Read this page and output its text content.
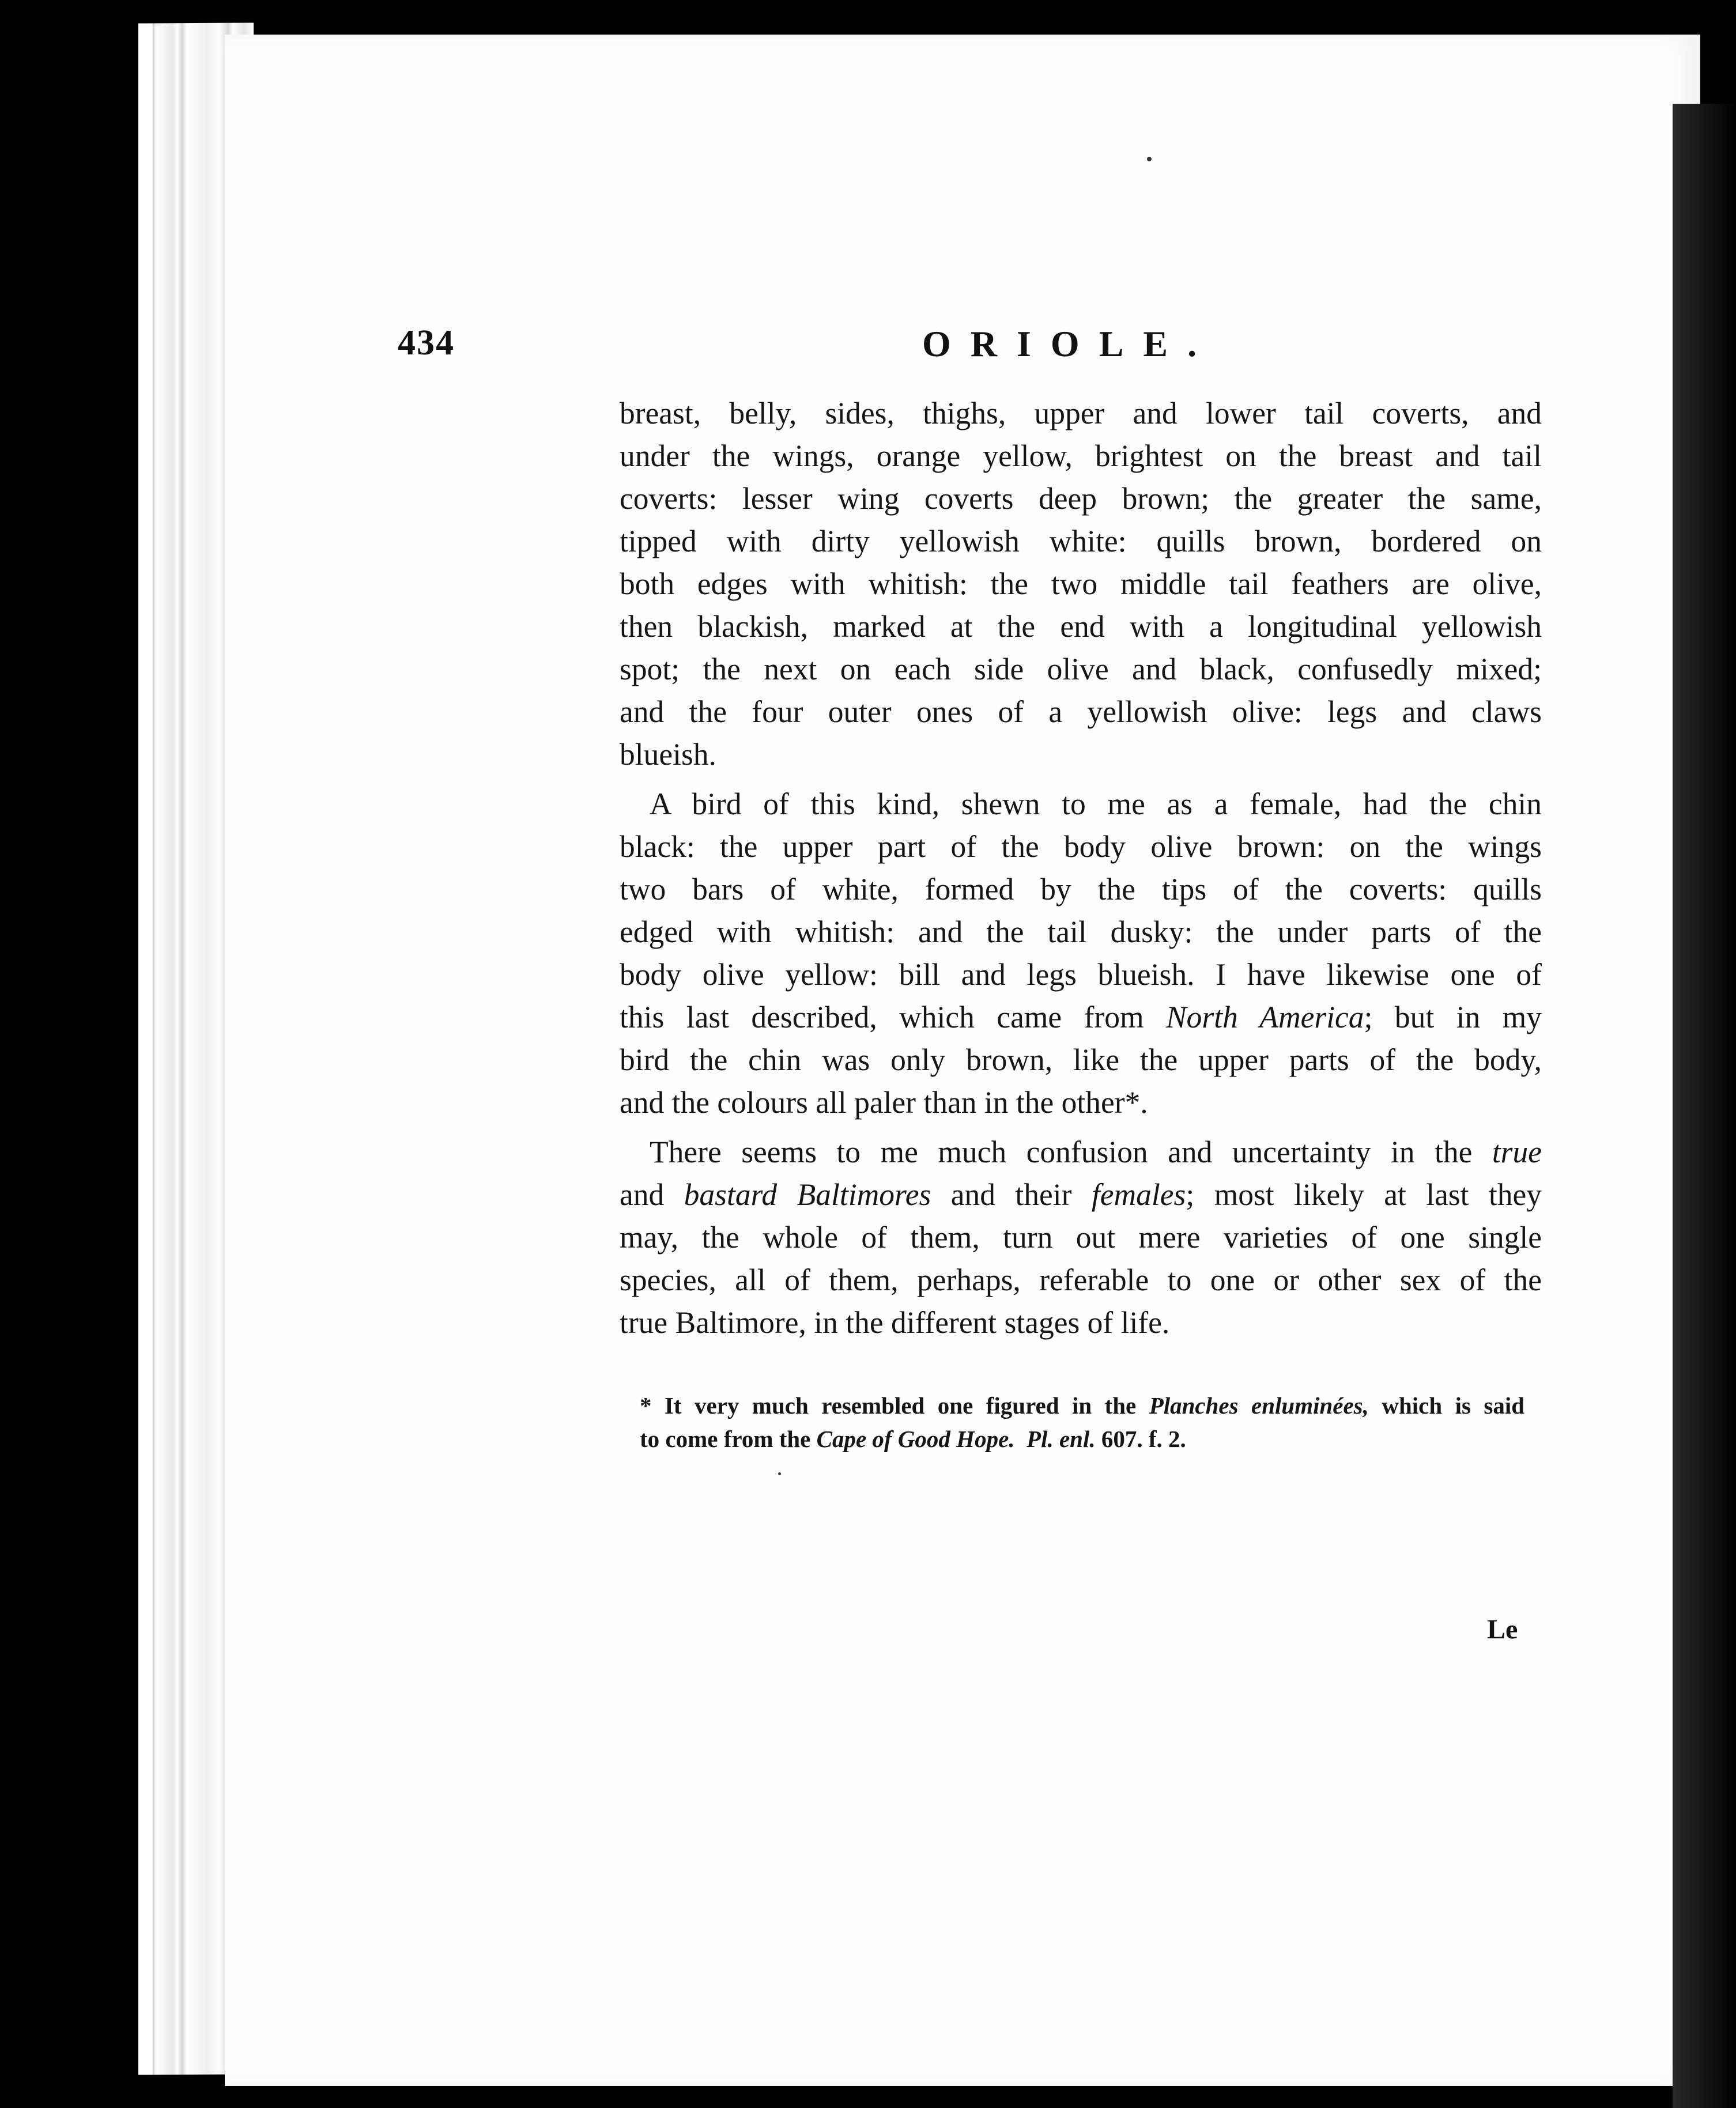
434	ORIOLE.
breast, belly, sides, thighs, upper and lower tail coverts, and
under the wings, orange yellow, brightest on the breast and tail
coverts: lesser wing coverts deep brown; the greater the same,
tipped with dirty yellowish white: quills brown, bordered on
both edges with whitish: the two middle tail feathers are olive,
then blackish, marked at the end with a longitudinal yellowish
spot; the next on each side olive and black, confusedly mixed;
and the four outer ones of a yellowish olive: legs and claws
blueish.
A bird of this kind, shewn to me as a female, had the chin
black: the upper part of the body olive brown: on the wings
two bars of white, formed by the tips of the coverts: quills
edged with whitish: and the tail dusky: the under parts of the
body olive yellow: bill and legs blueish. I have likewise one of
this last described, which came from North America; but in my
bird the chin was only brown, like the upper parts of the body,
and the colours all paler than in the other*.
There seems to me much confusion and uncertainty in the true
and bastard Baltimores and their females; most likely at last they
may, the whole of them, turn out mere varieties of one single
species, all of them, perhaps, referable to one or other sex of the
true Baltimore, in the different stages of life.
* It very much resembled one figured in the Planches enluminées, which is said
to come from the Cape of Good Hope. Pl. enl. 607. f. 2.
Le
